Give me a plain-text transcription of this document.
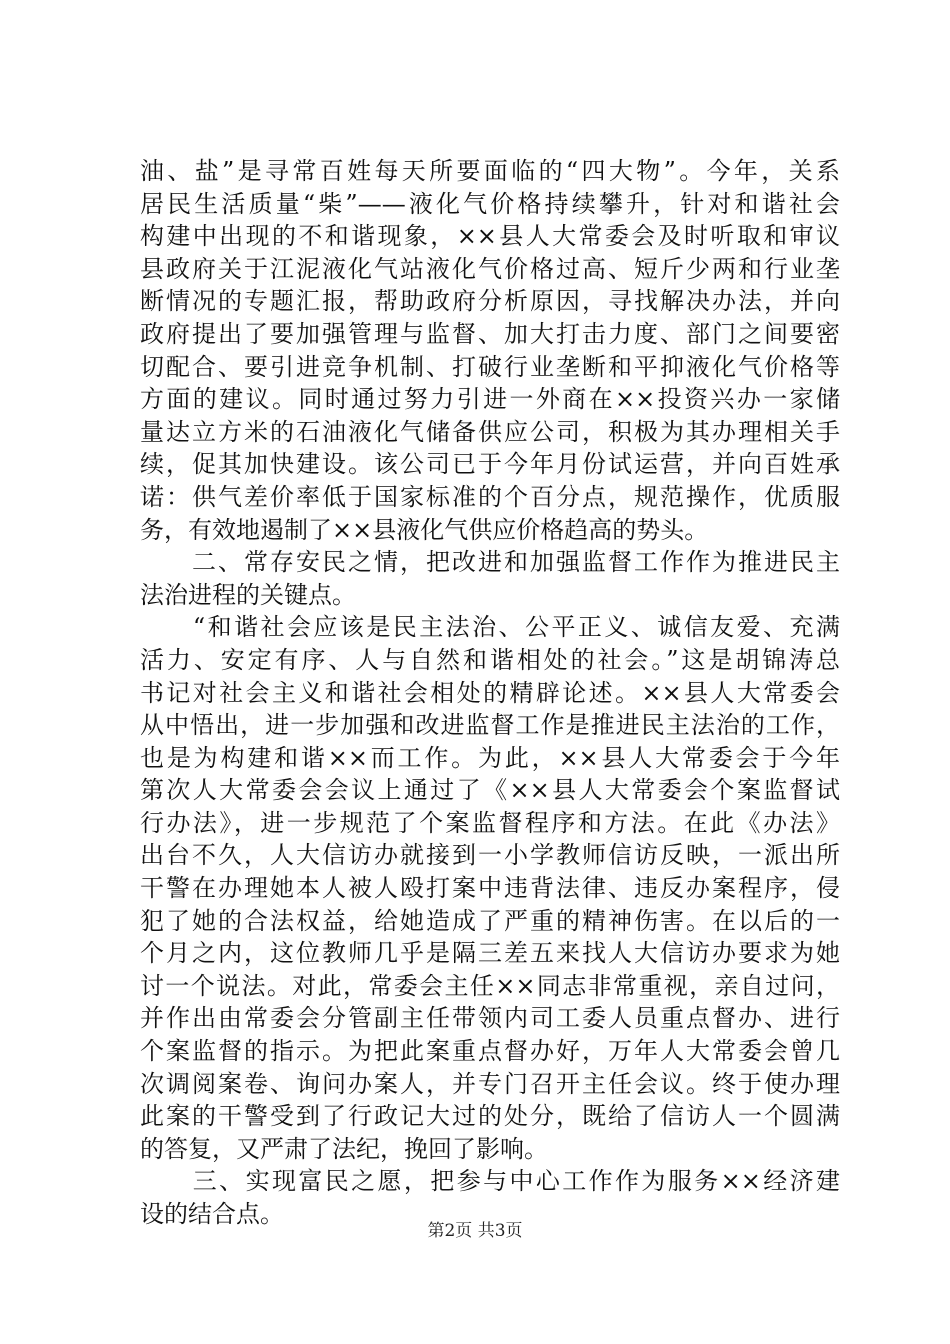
油、盐”是寻常百姓每天所要面临的“四大物”。今年，关系
居民生活质量“柴”——液化气价格持续攀升，针对和谐社会
构建中出现的不和谐现象，××县人大常委会及时听取和审议
县政府关于江泥液化气站液化气价格过高、短斤少两和行业垄
断情况的专题汇报，帮助政府分析原因，寻找解决办法，并向
政府提出了要加强管理与监督、加大打击力度、部门之间要密
切配合、要引进竞争机制、打破行业垄断和平抑液化气价格等
方面的建议。同时通过努力引进一外商在××投资兴办一家储
量达立方米的石油液化气储备供应公司，积极为其办理相关手
续，促其加快建设。该公司已于今年月份试运营，并向百姓承
诺：供气差价率低于国家标准的个百分点，规范操作，优质服
务，有效地遏制了××县液化气供应价格趋高的势头。
　　二、常存安民之情，把改进和加强监督工作作为推进民主
法治进程的关键点。
　　“和谐社会应该是民主法治、公平正义、诚信友爱、充满
活力、安定有序、人与自然和谐相处的社会。”这是胡锦涛总
书记对社会主义和谐社会相处的精辟论述。××县人大常委会
从中悟出，进一步加强和改进监督工作是推进民主法治的工作，
也是为构建和谐××而工作。为此，××县人大常委会于今年
第次人大常委会会议上通过了《××县人大常委会个案监督试
行办法》，进一步规范了个案监督程序和方法。在此《办法》
出台不久，人大信访办就接到一小学教师信访反映，一派出所
干警在办理她本人被人殴打案中违背法律、违反办案程序，侵
犯了她的合法权益，给她造成了严重的精神伤害。在以后的一
个月之内，这位教师几乎是隔三差五来找人大信访办要求为她
讨一个说法。对此，常委会主任××同志非常重视，亲自过问，
并作出由常委会分管副主任带领内司工委人员重点督办、进行
个案监督的指示。为把此案重点督办好，万年人大常委会曾几
次调阅案卷、询问办案人，并专门召开主任会议。终于使办理
此案的干警受到了行政记大过的处分，既给了信访人一个圆满
的答复，又严肃了法纪，挽回了影响。
　　三、实现富民之愿，把参与中心工作作为服务××经济建
设的结合点。
第2页 共3页
